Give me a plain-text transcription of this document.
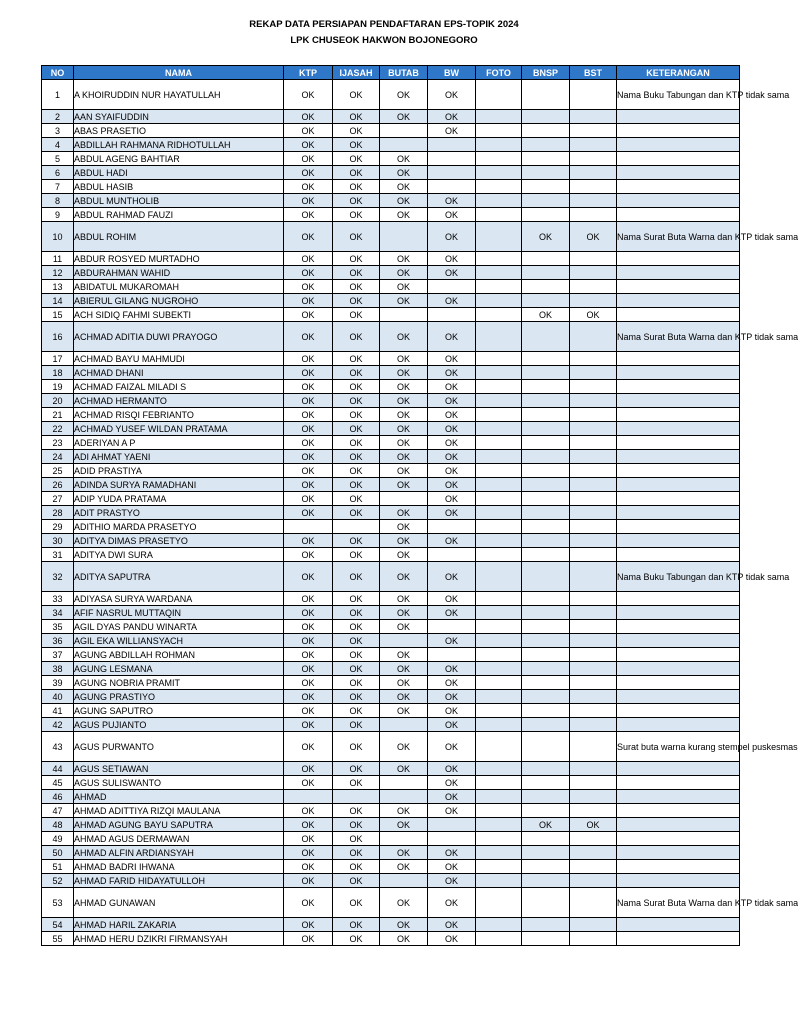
REKAP DATA PERSIAPAN PENDAFTARAN EPS-TOPIK 2024
LPK CHUSEOK HAKWON BOJONEGORO
NO	NAMA	KTP	IJASAH	BUTAB	BW	FOTO	BNSP	BST	KETERANGAN
1	A KHOIRUDDIN NUR HAYATULLAH	OK	OK	OK	OK				Nama Buku Tabungan dan KTP tidak sama
2	AAN SYAIFUDDIN	OK	OK	OK	OK				
3	ABAS PRASETIO	OK	OK		OK				
4	ABDILLAH RAHMANA RIDHOTULLAH	OK	OK						
5	ABDUL AGENG BAHTIAR	OK	OK	OK					
6	ABDUL HADI	OK	OK	OK					
7	ABDUL HASIB	OK	OK	OK					
8	ABDUL MUNTHOLIB	OK	OK	OK	OK				
9	ABDUL RAHMAD FAUZI	OK	OK	OK	OK				
10	ABDUL ROHIM	OK	OK		OK		OK	OK	Nama Surat Buta Warna dan KTP tidak sama
11	ABDUR ROSYED MURTADHO	OK	OK	OK	OK				
12	ABDURAHMAN WAHID	OK	OK	OK	OK				
13	ABIDATUL MUKAROMAH	OK	OK	OK					
14	ABIERUL GILANG NUGROHO	OK	OK	OK	OK				
15	ACH SIDIQ FAHMI SUBEKTI	OK	OK				OK	OK	
16	ACHMAD ADITIA DUWI PRAYOGO	OK	OK	OK	OK				Nama Surat Buta Warna dan KTP tidak sama
17	ACHMAD BAYU MAHMUDI	OK	OK	OK	OK				
18	ACHMAD DHANI	OK	OK	OK	OK				
19	ACHMAD FAIZAL MILADI S	OK	OK	OK	OK				
20	ACHMAD HERMANTO	OK	OK	OK	OK				
21	ACHMAD RISQI FEBRIANTO	OK	OK	OK	OK				
22	ACHMAD YUSEF WILDAN PRATAMA	OK	OK	OK	OK				
23	ADERIYAN A P	OK	OK	OK	OK				
24	ADI AHMAT YAENI	OK	OK	OK	OK				
25	ADID PRASTIYA	OK	OK	OK	OK				
26	ADINDA SURYA RAMADHANI	OK	OK	OK	OK				
27	ADIP YUDA PRATAMA	OK	OK		OK				
28	ADIT PRASTYO	OK	OK	OK	OK				
29	ADITHIO MARDA PRASETYO			OK					
30	ADITYA DIMAS PRASETYO	OK	OK	OK	OK				
31	ADITYA DWI SURA	OK	OK	OK					
32	ADITYA SAPUTRA	OK	OK	OK	OK				Nama Buku Tabungan dan KTP tidak sama
33	ADIYASA SURYA WARDANA	OK	OK	OK	OK				
34	AFIF NASRUL MUTTAQIN	OK	OK	OK	OK				
35	AGIL DYAS PANDU WINARTA	OK	OK	OK					
36	AGIL EKA WILLIANSYACH	OK	OK		OK				
37	AGUNG ABDILLAH ROHMAN	OK	OK	OK					
38	AGUNG LESMANA	OK	OK	OK	OK				
39	AGUNG NOBRIA PRAMIT	OK	OK	OK	OK				
40	AGUNG PRASTIYO	OK	OK	OK	OK				
41	AGUNG SAPUTRO	OK	OK	OK	OK				
42	AGUS PUJIANTO	OK	OK		OK				
43	AGUS PURWANTO	OK	OK	OK	OK				Surat buta warna kurang stempel puskesmas
44	AGUS SETIAWAN	OK	OK	OK	OK				
45	AGUS SULISWANTO	OK	OK		OK				
46	AHMAD				OK				
47	AHMAD ADITTIYA RIZQI MAULANA	OK	OK	OK	OK				
48	AHMAD AGUNG BAYU SAPUTRA	OK	OK	OK			OK	OK	
49	AHMAD AGUS DERMAWAN	OK	OK						
50	AHMAD ALFIN ARDIANSYAH	OK	OK	OK	OK				
51	AHMAD BADRI IHWANA	OK	OK	OK	OK				
52	AHMAD FARID HIDAYATULLOH	OK	OK		OK				
53	AHMAD GUNAWAN	OK	OK	OK	OK				Nama Surat Buta Warna dan KTP tidak sama
54	AHMAD HARIL ZAKARIA	OK	OK	OK	OK				
55	AHMAD HERU DZIKRI FIRMANSYAH	OK	OK	OK	OK				
